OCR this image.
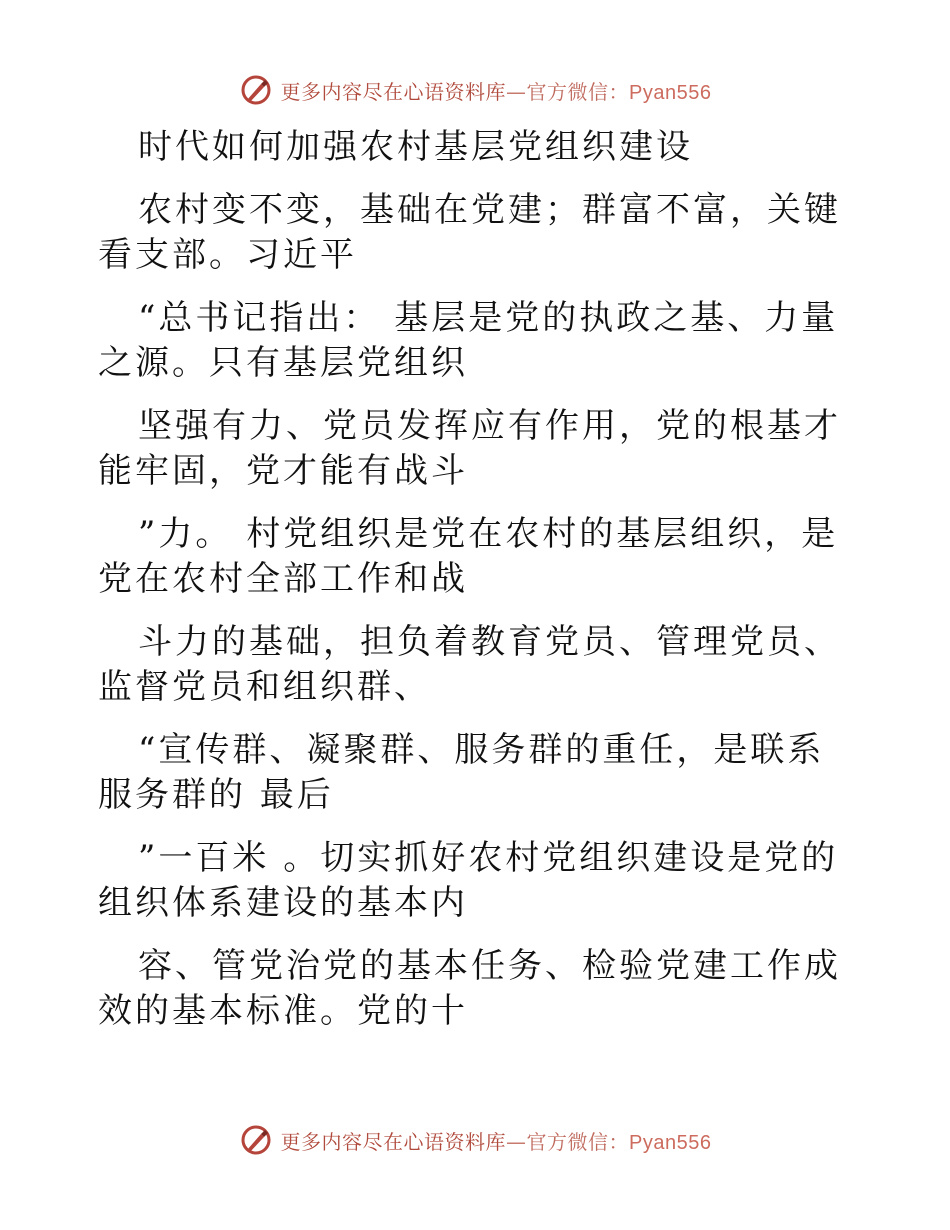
更多内容尽在心语资料库—官方微信：Pyan556

时代如何加强农村基层党组织建设

农村变不变，基础在党建；群富不富，关键看支部。习近平

“总书记指出： 基层是党的执政之基、力量之源。只有基层党组织

坚强有力、党员发挥应有作用，党的根基才能牢固，党才能有战斗

”力。 村党组织是党在农村的基层组织，是党在农村全部工作和战

斗力的基础，担负着教育党员、管理党员、监督党员和组织群、

“宣传群、凝聚群、服务群的重任，是联系服务群的 最后

”一百米 。切实抓好农村党组织建设是党的组织体系建设的基本内

容、管党治党的基本任务、检验党建工作成效的基本标准。党的十

更多内容尽在心语资料库—官方微信：Pyan556
